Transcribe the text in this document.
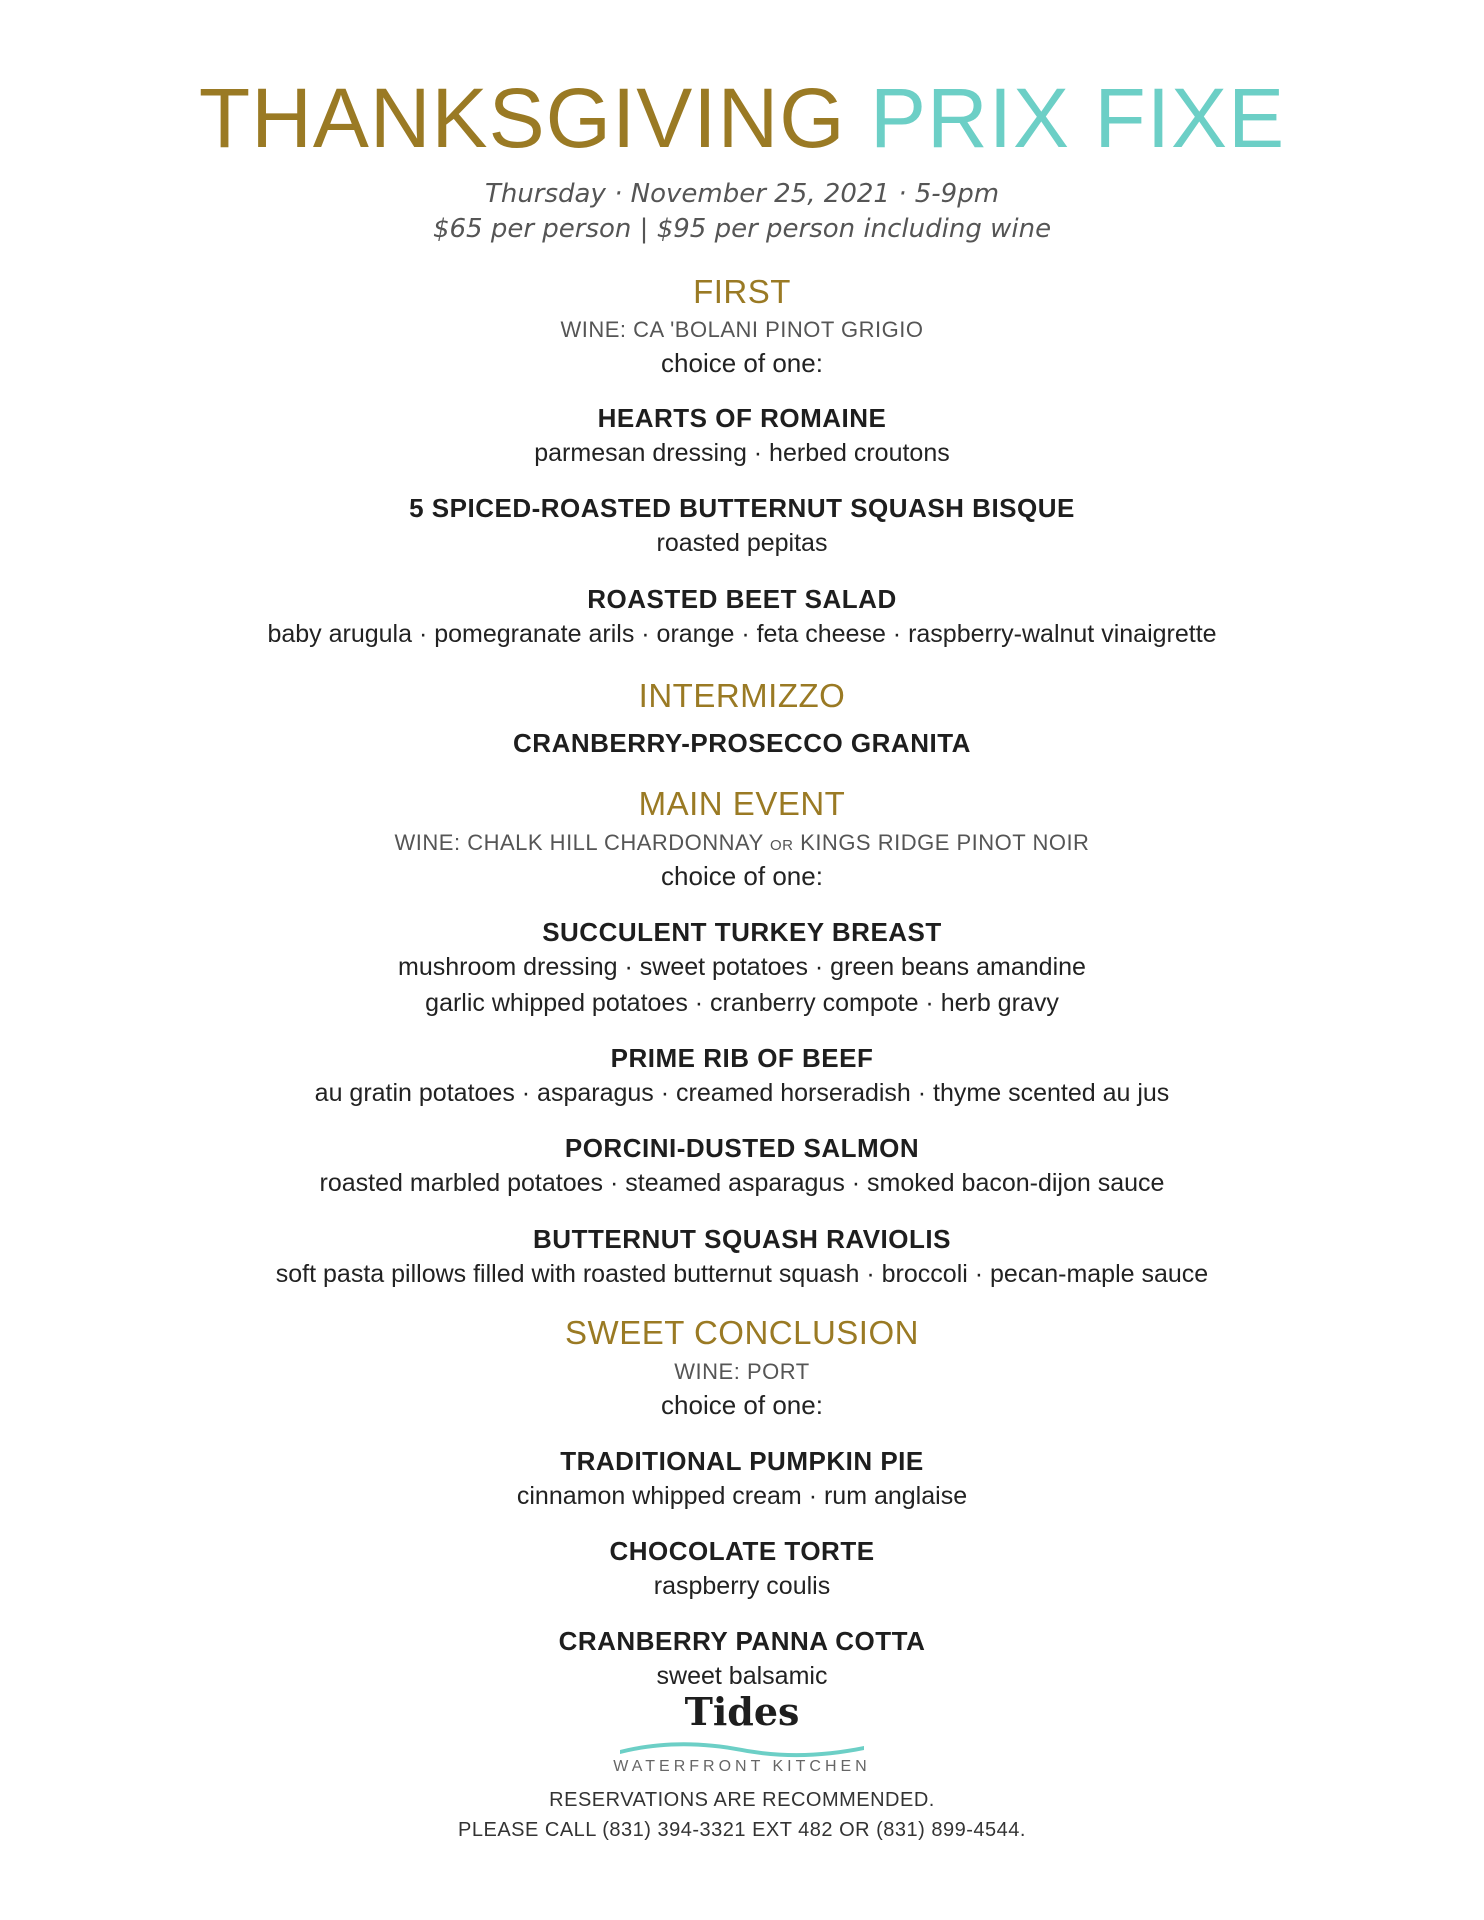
THANKSGIVING PRIX FIXE
Thursday · November 25, 2021 · 5-9pm
$65 per person | $95 per person including wine
FIRST
WINE: CA 'BOLANI PINOT GRIGIO
choice of one:
HEARTS OF ROMAINE
parmesan dressing · herbed croutons
5 SPICED-ROASTED BUTTERNUT SQUASH BISQUE
roasted pepitas
ROASTED BEET SALAD
baby arugula · pomegranate arils · orange · feta cheese · raspberry-walnut vinaigrette
INTERMIZZO
CRANBERRY-PROSECCO GRANITA
MAIN EVENT
WINE: CHALK HILL CHARDONNAY OR KINGS RIDGE PINOT NOIR
choice of one:
SUCCULENT TURKEY BREAST
mushroom dressing · sweet potatoes · green beans amandine
garlic whipped potatoes · cranberry compote · herb gravy
PRIME RIB OF BEEF
au gratin potatoes · asparagus · creamed horseradish · thyme scented au jus
PORCINI-DUSTED SALMON
roasted marbled potatoes · steamed asparagus · smoked bacon-dijon sauce
BUTTERNUT SQUASH RAVIOLIS
soft pasta pillows filled with roasted butternut squash · broccoli · pecan-maple sauce
SWEET CONCLUSION
WINE: PORT
choice of one:
TRADITIONAL PUMPKIN PIE
cinnamon whipped cream · rum anglaise
CHOCOLATE TORTE
raspberry coulis
CRANBERRY PANNA COTTA
sweet balsamic
Tides
WATERFRONT KITCHEN
RESERVATIONS ARE RECOMMENDED.
PLEASE CALL (831) 394-3321 EXT 482 OR (831) 899-4544.
